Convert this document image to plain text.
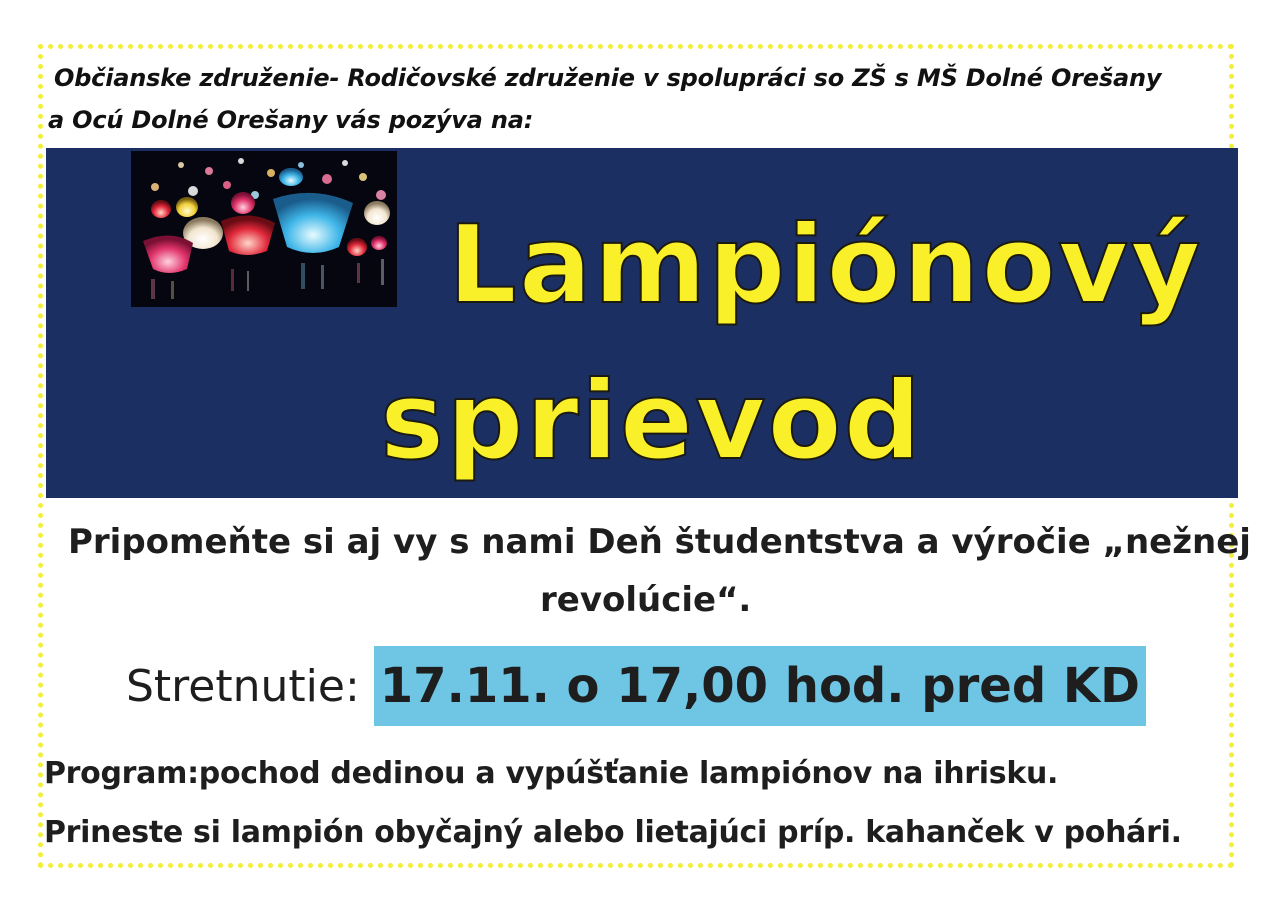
Občianske združenie- Rodičovské združenie v spolupráci so ZŠ s MŠ Dolné Orešany
a Ocú Dolné Orešany vás pozýva na:
Lampiónový
sprievod
Pripomeňte si aj vy s nami Deň študentstva a výročie „nežnej
revolúcie“.
Stretnutie: 17.11. o 17,00 hod. pred KD
Program:pochod dedinou a vypúšťanie lampiónov na ihrisku.
Prineste si lampión obyčajný alebo lietajúci príp. kahanček v pohári.
